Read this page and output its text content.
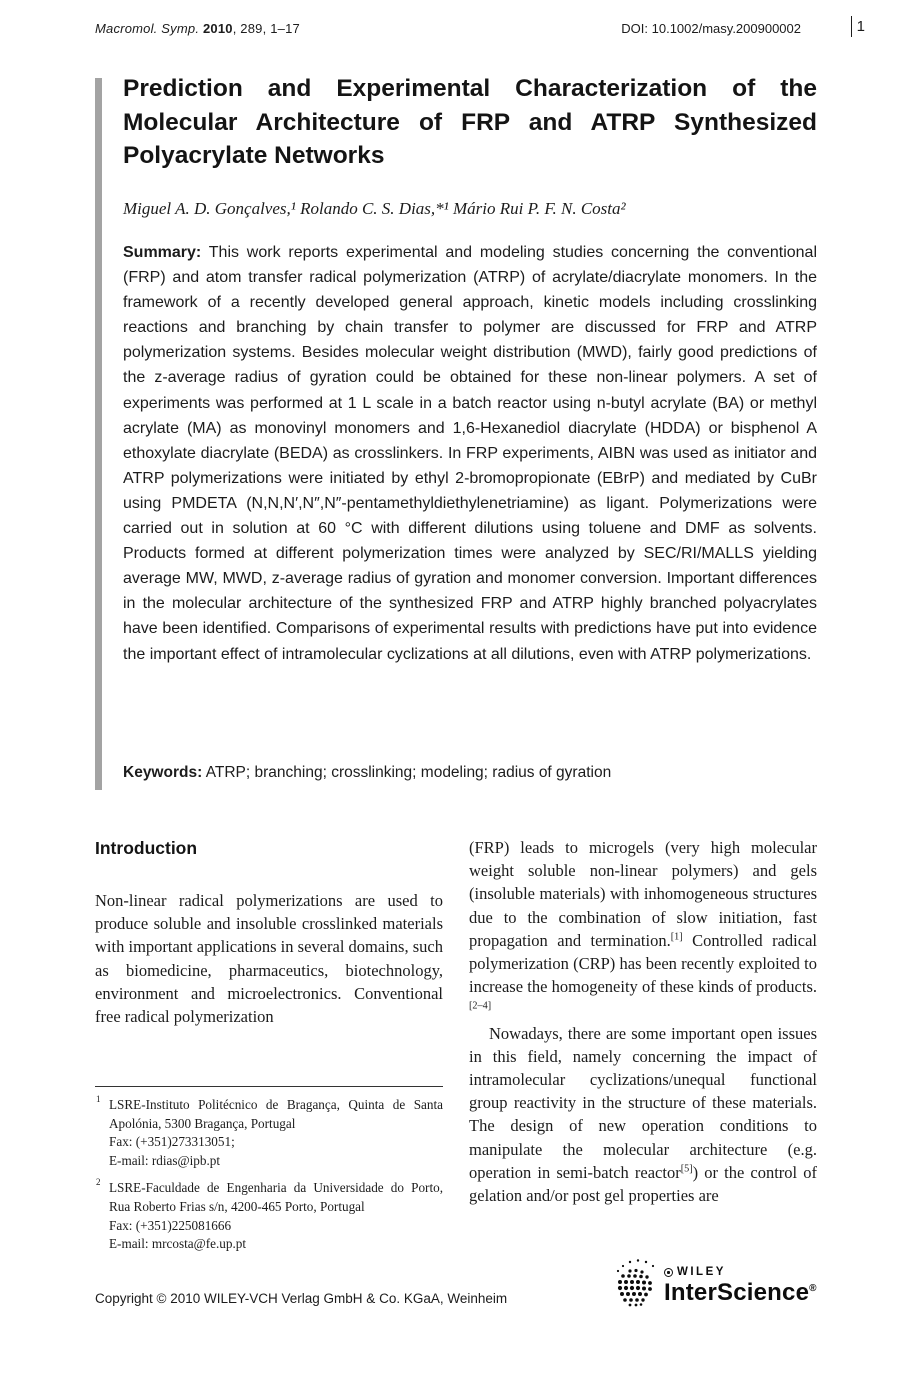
Macromol. Symp. 2010, 289, 1–17	DOI: 10.1002/masy.200900002	1
Prediction and Experimental Characterization of the Molecular Architecture of FRP and ATRP Synthesized Polyacrylate Networks
Miguel A. D. Gonçalves,¹ Rolando C. S. Dias,*¹ Mário Rui P. F. N. Costa²

Summary: This work reports experimental and modeling studies concerning the conventional (FRP) and atom transfer radical polymerization (ATRP) of acrylate/diacrylate monomers. In the framework of a recently developed general approach, kinetic models including crosslinking reactions and branching by chain transfer to polymer are discussed for FRP and ATRP polymerization systems. Besides molecular weight distribution (MWD), fairly good predictions of the z-average radius of gyration could be obtained for these non-linear polymers. A set of experiments was performed at 1 L scale in a batch reactor using n-butyl acrylate (BA) or methyl acrylate (MA) as monovinyl monomers and 1,6-Hexanediol diacrylate (HDDA) or bisphenol A ethoxylate diacrylate (BEDA) as crosslinkers. In FRP experiments, AIBN was used as initiator and ATRP polymerizations were initiated by ethyl 2-bromopropionate (EBrP) and mediated by CuBr using PMDETA (N,N,N′,N″,N″-pentamethyldiethylenetriamine) as ligant. Polymerizations were carried out in solution at 60 °C with different dilutions using toluene and DMF as solvents. Products formed at different polymerization times were analyzed by SEC/RI/MALLS yielding average MW, MWD, z-average radius of gyration and monomer conversion. Important differences in the molecular architecture of the synthesized FRP and ATRP highly branched polyacrylates have been identified. Comparisons of experimental results with predictions have put into evidence the important effect of intramolecular cyclizations at all dilutions, even with ATRP polymerizations.

Keywords: ATRP; branching; crosslinking; modeling; radius of gyration

Introduction

Non-linear radical polymerizations are used to produce soluble and insoluble crosslinked materials with important applications in several domains, such as biomedicine, pharmaceutics, biotechnology, environment and microelectronics. Conventional free radical polymerization

(FRP) leads to microgels (very high molecular weight soluble non-linear polymers) and gels (insoluble materials) with inhomogeneous structures due to the combination of slow initiation, fast propagation and termination.[1] Controlled radical polymerization (CRP) has been recently exploited to increase the homogeneity of these kinds of products.[2–4]

Nowadays, there are some important open issues in this field, namely concerning the impact of intramolecular cyclizations/unequal functional group reactivity in the structure of these materials. The design of new operation conditions to manipulate the molecular architecture (e.g. operation in semi-batch reactor[5]) or the control of gelation and/or post gel properties are

1 LSRE-Instituto Politécnico de Bragança, Quinta de Santa Apolónia, 5300 Bragança, Portugal
Fax: (+351)273313051;
E-mail: rdias@ipb.pt
2 LSRE-Faculdade de Engenharia da Universidade do Porto, Rua Roberto Frias s/n, 4200-465 Porto, Portugal
Fax: (+351)225081666
E-mail: mrcosta@fe.up.pt
Copyright © 2010 WILEY-VCH Verlag GmbH & Co. KGaA, Weinheim
WILEY
InterScience®
